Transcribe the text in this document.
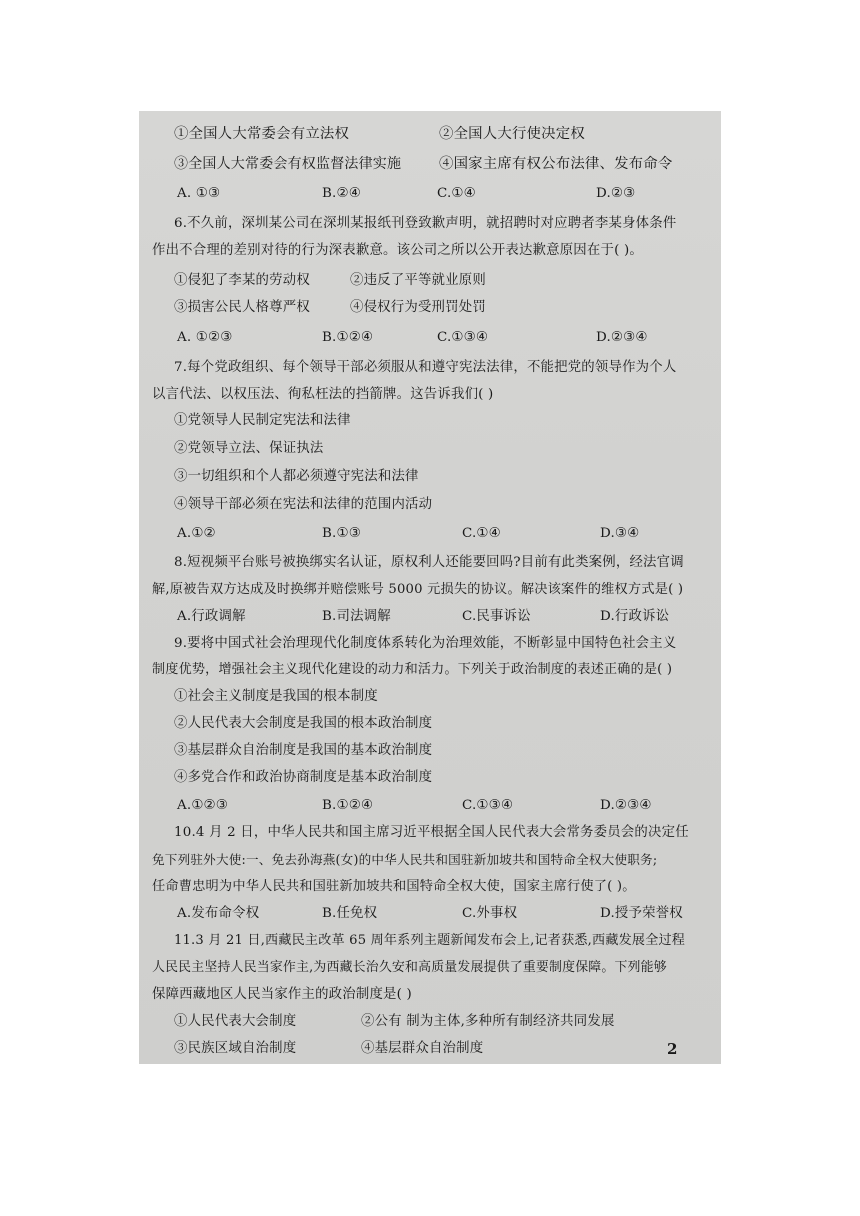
①全国人大常委会有立法权	②全国人大行使决定权
③全国人大常委会有权监督法律实施	④国家主席有权公布法律、发布命令
A. ①③	B.②④	C.①④	D.②③
6.不久前，深圳某公司在深圳某报纸刊登致歉声明，就招聘时对应聘者李某身体条件
作出不合理的差别对待的行为深表歉意。该公司之所以公开表达歉意原因在于( )。
①侵犯了李某的劳动权	②违反了平等就业原则
③损害公民人格尊严权	④侵权行为受刑罚处罚
A. ①②③	B.①②④	C.①③④	D.②③④
7.每个党政组织、每个领导干部必须服从和遵守宪法法律，不能把党的领导作为个人
以言代法、以权压法、徇私枉法的挡箭牌。这告诉我们( )
①党领导人民制定宪法和法律
②党领导立法、保证执法
③一切组织和个人都必须遵守宪法和法律
④领导干部必须在宪法和法律的范围内活动
A.①②	B.①③	C.①④	D.③④
8.短视频平台账号被换绑实名认证，原权利人还能要回吗?目前有此类案例，经法官调
解,原被告双方达成及时换绑并赔偿账号 5000 元损失的协议。解决该案件的维权方式是( )
A.行政调解	B.司法调解	C.民事诉讼	D.行政诉讼
9.要将中国式社会治理现代化制度体系转化为治理效能，不断彰显中国特色社会主义
制度优势，增强社会主义现代化建设的动力和活力。下列关于政治制度的表述正确的是( )
①社会主义制度是我国的根本制度
②人民代表大会制度是我国的根本政治制度
③基层群众自治制度是我国的基本政治制度
④多党合作和政治协商制度是基本政治制度
A.①②③	B.①②④	C.①③④	D.②③④
10.4 月 2 日，中华人民共和国主席习近平根据全国人民代表大会常务委员会的决定任
免下列驻外大使:一、免去孙海燕(女)的中华人民共和国驻新加坡共和国特命全权大使职务;
任命曹忠明为中华人民共和国驻新加坡共和国特命全权大使，国家主席行使了( )。
A.发布命令权	B.任免权	C.外事权	D.授予荣誉权
11.3 月 21 日,西藏民主改革 65 周年系列主题新闻发布会上,记者获悉,西藏发展全过程
人民民主坚持人民当家作主,为西藏长治久安和高质量发展提供了重要制度保障。下列能够
保障西藏地区人民当家作主的政治制度是( )
①人民代表大会制度	②公有 制为主体,多种所有制经济共同发展
③民族区域自治制度	④基层群众自治制度	2
